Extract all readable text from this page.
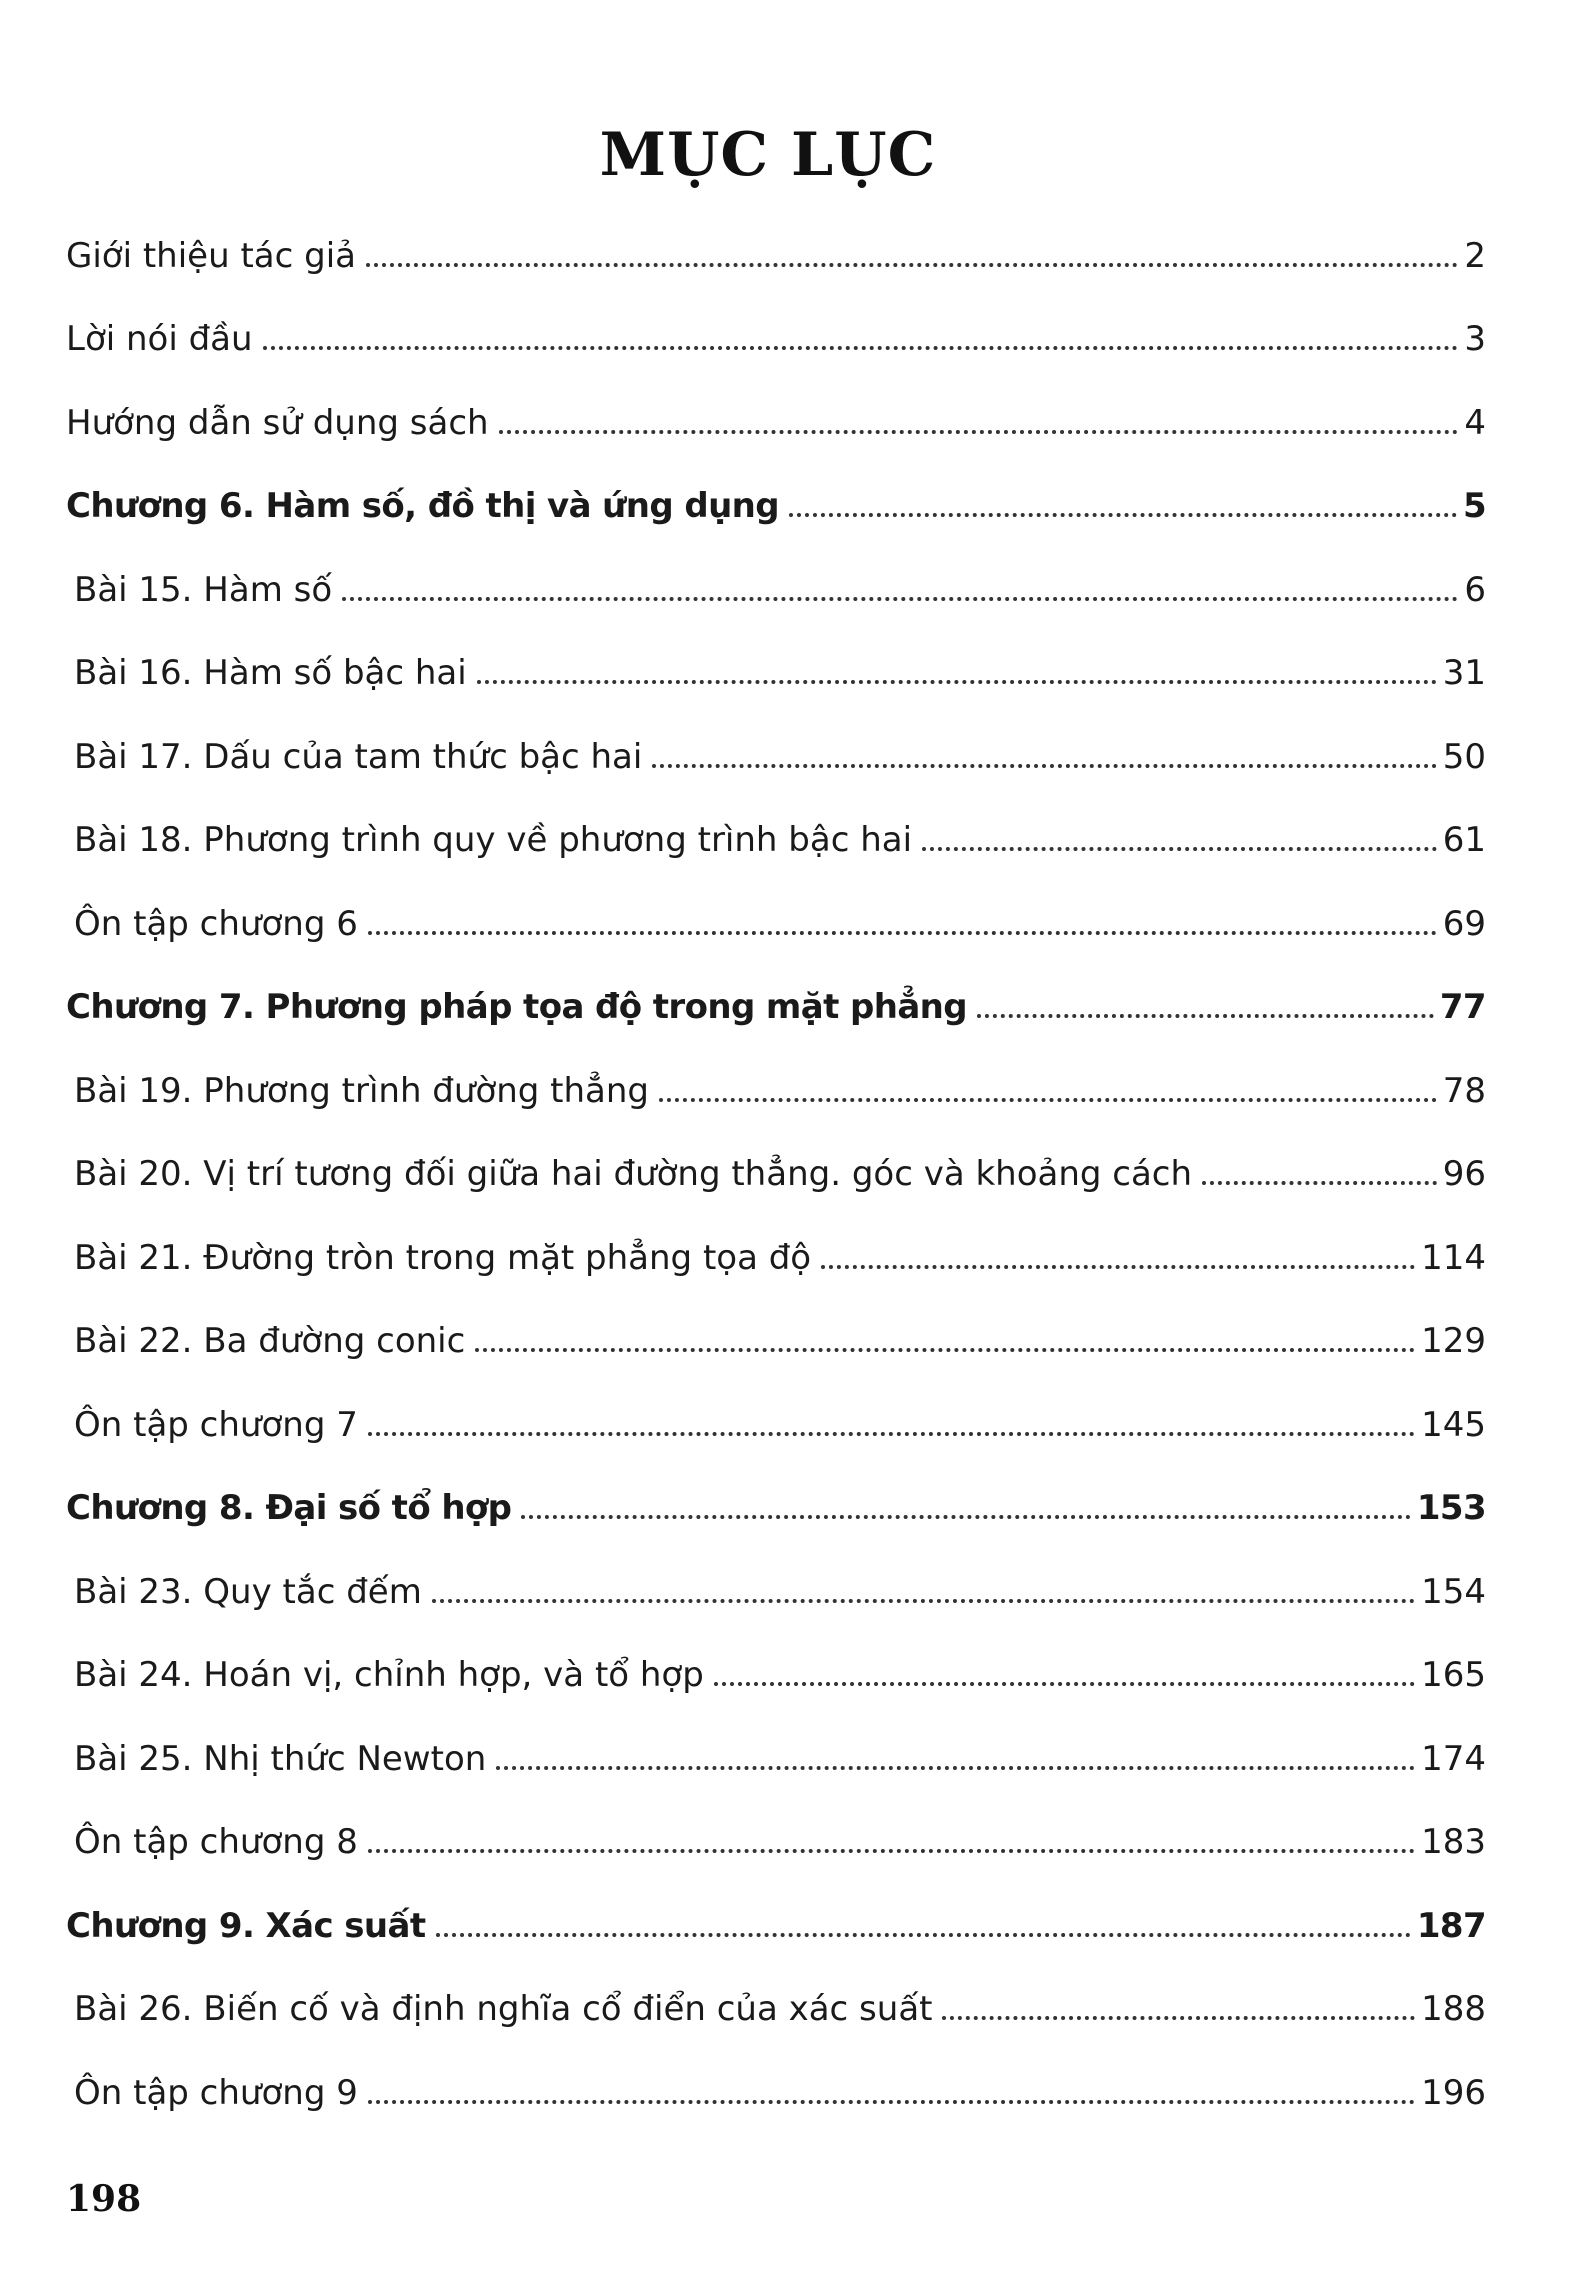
MỤC LỤC
Giới thiệu tác giả	2
Lời nói đầu	3
Hướng dẫn sử dụng sách	4
Chương 6. Hàm số, đồ thị và ứng dụng	5
Bài 15. Hàm số	6
Bài 16. Hàm số bậc hai	31
Bài 17. Dấu của tam thức bậc hai	50
Bài 18. Phương trình quy về phương trình bậc hai	61
Ôn tập chương 6	69
Chương 7. Phương pháp tọa độ trong mặt phẳng	77
Bài 19. Phương trình đường thẳng	78
Bài 20. Vị trí tương đối giữa hai đường thẳng. góc và khoảng cách	96
Bài 21. Đường tròn trong mặt phẳng tọa độ	114
Bài 22. Ba đường conic	129
Ôn tập chương 7	145
Chương 8. Đại số tổ hợp	153
Bài 23. Quy tắc đếm	154
Bài 24. Hoán vị, chỉnh hợp, và tổ hợp	165
Bài 25. Nhị thức Newton	174
Ôn tập chương 8	183
Chương 9. Xác suất	187
Bài 26. Biến cố và định nghĩa cổ điển của xác suất	188
Ôn tập chương 9	196
198
